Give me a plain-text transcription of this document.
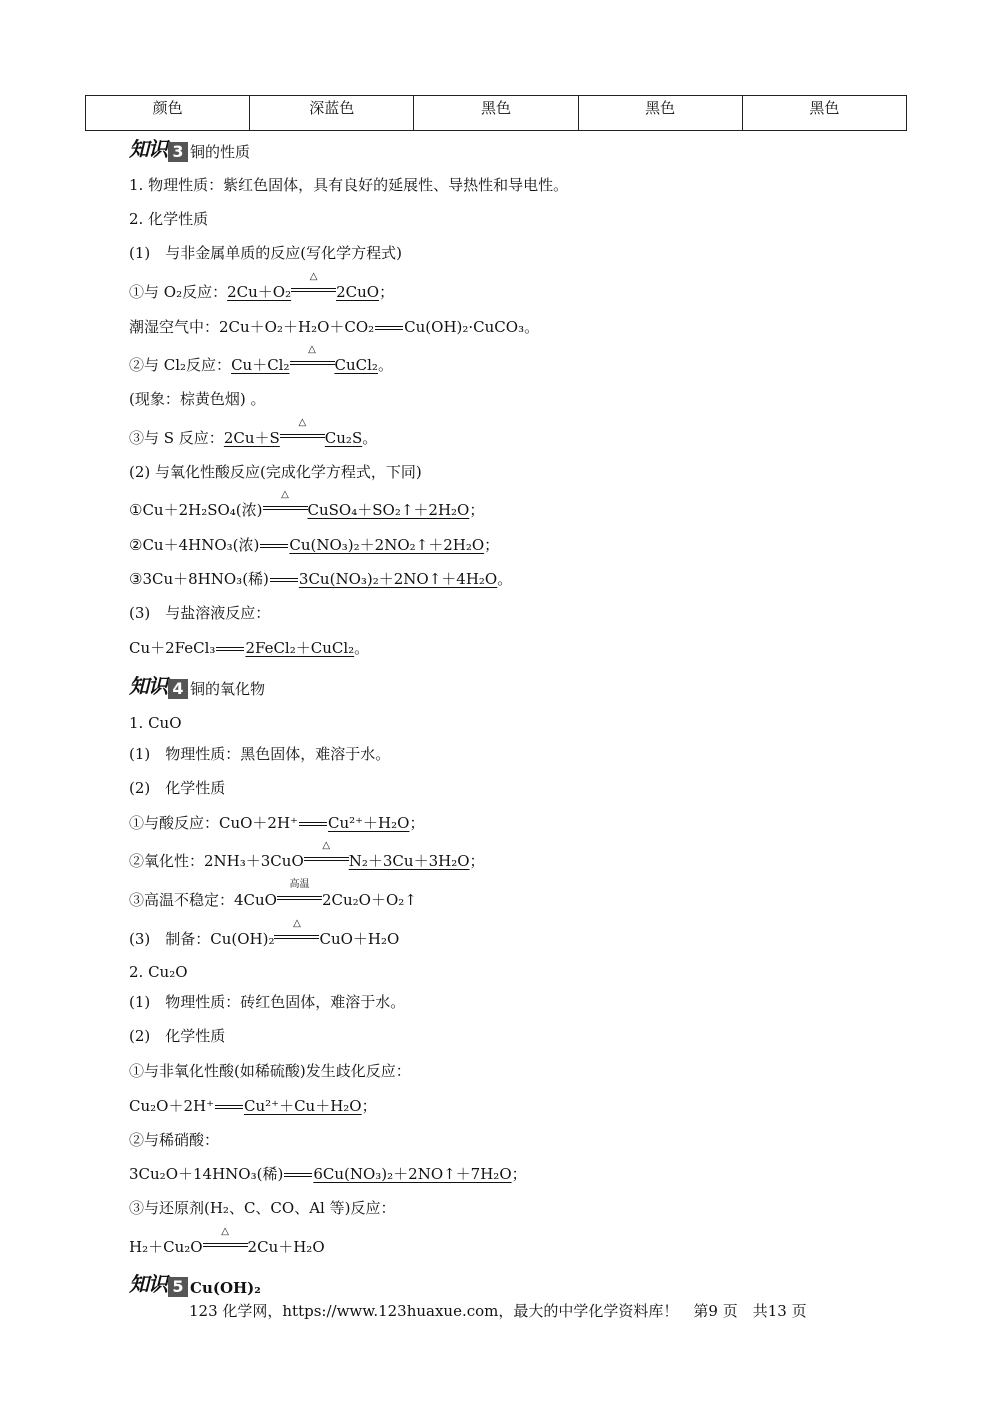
颜色	深蓝色	黑色	黑色	黑色
知识 3 铜的性质
1. 物理性质：紫红色固体，具有良好的延展性、导热性和导电性。
2. 化学性质
(1)　与非金属单质的反应(写化学方程式)
①与 O₂反应：2Cu＋O₂
△
2CuO；
潮湿空气中：2Cu＋O₂＋H₂O＋CO₂ Cu(OH)₂·CuCO₃。
②与 Cl₂反应：Cu＋Cl₂
△
CuCl₂。
(现象：棕黄色烟) 。
③与 S 反应：2Cu＋S
△
Cu₂S。
(2) 与氧化性酸反应(完成化学方程式，下同)
①Cu＋2H₂SO₄(浓)
△
CuSO₄＋SO₂↑＋2H₂O；
②Cu＋4HNO₃(浓) Cu(NO₃)₂＋2NO₂↑＋2H₂O；
③3Cu＋8HNO₃(稀) 3Cu(NO₃)₂＋2NO↑＋4H₂O。
(3)　与盐溶液反应：
Cu＋2FeCl₃ 2FeCl₂＋CuCl₂。
知识 4 铜的氧化物
1. CuO
(1)　物理性质：黑色固体，难溶于水。
(2)　化学性质
①与酸反应：CuO＋2H⁺ Cu²⁺＋H₂O；
②氧化性：2NH₃＋3CuO
△
N₂＋3Cu＋3H₂O；
③高温不稳定：4CuO
高温
2Cu₂O＋O₂↑
(3)　制备：Cu(OH)₂
△
CuO＋H₂O
2. Cu₂O
(1)　物理性质：砖红色固体，难溶于水。
(2)　化学性质
①与非氧化性酸(如稀硫酸)发生歧化反应：
Cu₂O＋2H⁺ Cu²⁺＋Cu＋H₂O；
②与稀硝酸：
3Cu₂O＋14HNO₃(稀) 6Cu(NO₃)₂＋2NO↑＋7H₂O；
③与还原剂(H₂、C、CO、Al 等)反应：
H₂＋Cu₂O
△
2Cu＋H₂O
知识 5 Cu(OH)₂
123 化学网，https://www.123huaxue.com，最大的中学化学资料库！　第9 页　共13 页
